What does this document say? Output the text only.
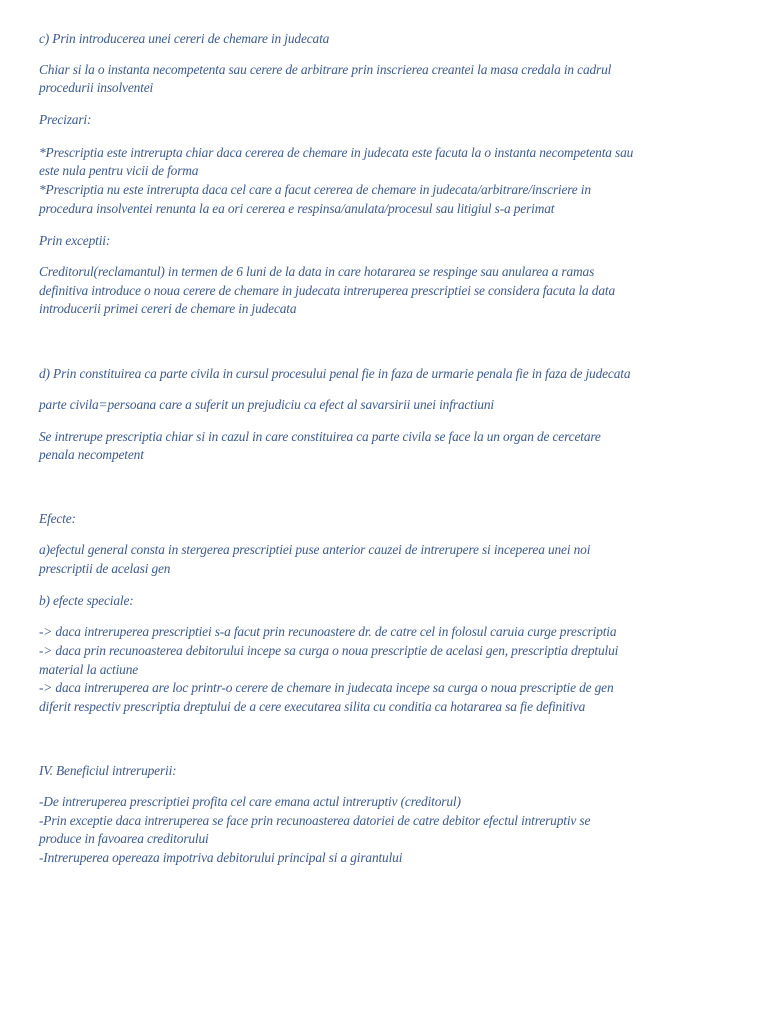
c) Prin introducerea unei cereri de chemare in judecata
Chiar si la o instanta necompetenta sau cerere de arbitrare prin inscrierea creantei la masa credala in cadrul
procedurii insolventei
Precizari:
*Prescriptia este intrerupta chiar daca cererea de chemare in judecata este facuta la o instanta necompetenta sau
este nula pentru vicii de forma
*Prescriptia nu este intrerupta daca cel care a facut cererea de chemare in judecata/arbitrare/inscriere in
procedura insolventei renunta la ea ori cererea e respinsa/anulata/procesul sau litigiul s-a perimat
Prin exceptii:
Creditorul(reclamantul) in termen de 6 luni de la data in care hotararea se respinge sau anularea a ramas
definitiva introduce o noua cerere de chemare in judecata intreruperea prescriptiei se considera facuta la data
introducerii primei cereri de chemare in judecata
d) Prin constituirea ca parte civila in cursul procesului penal fie in faza de urmarie penala fie in faza de judecata
parte civila=persoana care a suferit un prejudiciu ca efect al savarsirii unei infractiuni
Se intrerupe prescriptia chiar si in cazul in care constituirea ca parte civila se face la un organ de cercetare
penala necompetent
Efecte:
a)efectul general consta in stergerea prescriptiei puse anterior cauzei de intrerupere si inceperea unei noi
prescriptii de acelasi gen
b) efecte speciale:
-> daca intreruperea prescriptiei s-a facut prin recunoastere dr. de catre cel in folosul caruia curge prescriptia
-> daca prin recunoasterea debitorului incepe sa curga o noua prescriptie de acelasi gen, prescriptia dreptului
material la actiune
-> daca intreruperea are loc printr-o cerere de chemare in judecata incepe sa curga o noua prescriptie de gen
diferit respectiv prescriptia dreptului de a cere executarea silita cu conditia ca hotararea sa fie definitiva
IV. Beneficiul intreruperii:
-De intreruperea prescriptiei profita cel care emana actul intreruptiv (creditorul)
-Prin exceptie daca intreruperea se face prin recunoasterea datoriei de catre debitor efectul intreruptiv se
produce in favoarea creditorului
-Intreruperea opereaza impotriva debitorului principal si a girantului
